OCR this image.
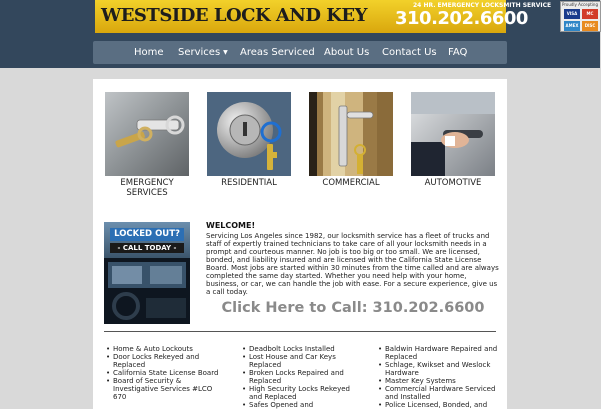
WESTSIDE LOCK AND KEY	24 HR. EMERGENCY LOCKSMITH SERVICE
310.202.6600
Proudly Accepting
VISA	MC
AMEX	DISC
Home Services ▼ Areas Serviced About Us Contact Us FAQ
EMERGENCY SERVICES
RESIDENTIAL	COMMERCIAL	AUTOMOTIVE
LOCKED OUT?
- CALL TODAY -
WELCOME!

Servicing Los Angeles since 1982, our locksmith service has a fleet of trucks and staff of expertly trained technicians to take care of all your locksmith needs in a prompt and courteous manner. No job is too big or too small. We are licensed, bonded, and liability insured and are licensed with the California State License Board. Most jobs are started within 30 minutes from the time called and are always completed the same day started. Whether you need help with your home, business, or car, we can handle the job with ease. For a secure experience, give us a call today.

Click Here to Call: 310.202.6600
• Home & Auto Lockouts
• Door Locks Rekeyed and Replaced
• California State License Board
• Board of Security & Investigative Services #LCO 670
• Deadbolt Locks Installed
• Lost House and Car Keys Replaced
• Broken Locks Repaired and Replaced
• High Security Locks Rekeyed and Replaced
• Safes Opened and
• Baldwin Hardware Repaired and Replaced
• Schlage, Kwikset and Weslock Hardware
• Master Key Systems
• Commercial Hardware Serviced and Installed
• Police Licensed, Bonded, and
